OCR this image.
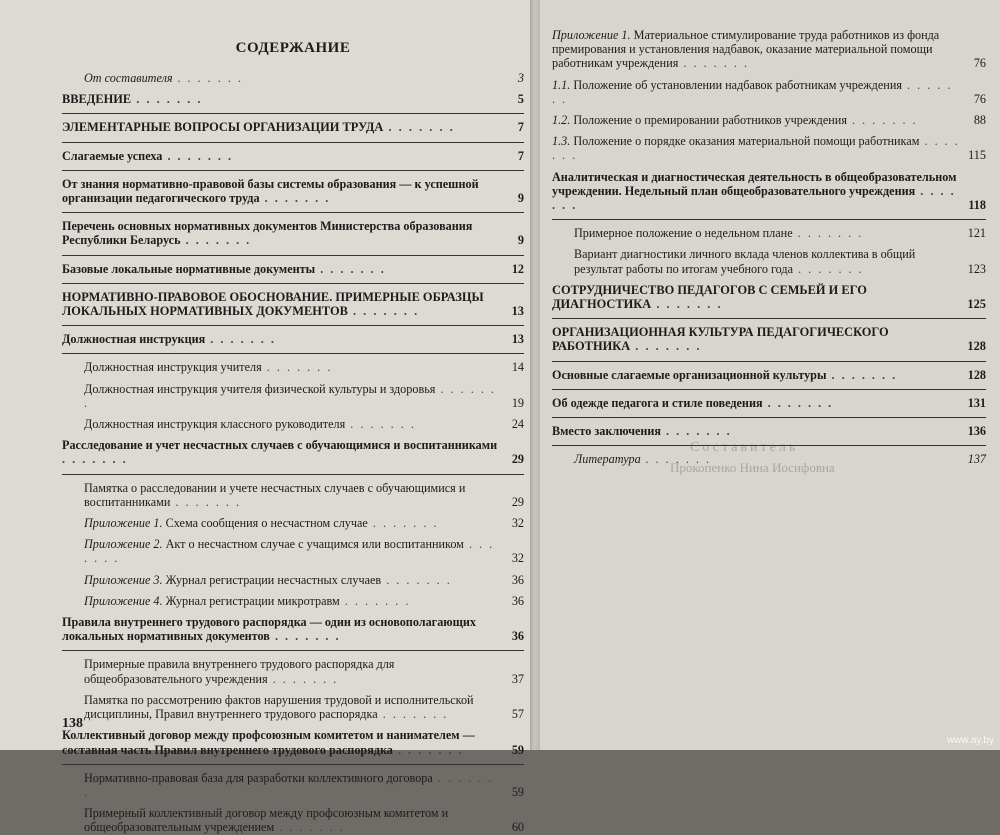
СОДЕРЖАНИЕ
От составителя . . . . . . .	3
ВВЕДЕНИЕ . . . . . . .	5
ЭЛЕМЕНТАРНЫЕ ВОПРОСЫ ОРГАНИЗАЦИИ ТРУДА . . . . . . .	7
Слагаемые успеха . . . . . . .	7
От знания нормативно-правовой базы системы образования — к успешной организации педагогического труда . . . . . . .	9
Перечень основных нормативных документов Министерства образования Республики Беларусь . . . . . . .	9
Базовые локальные нормативные документы . . . . . . .	12
НОРМАТИВНО-ПРАВОВОЕ ОБОСНОВАНИЕ. ПРИМЕРНЫЕ ОБРАЗЦЫ ЛОКАЛЬНЫХ НОРМАТИВНЫХ ДОКУМЕНТОВ . . . . . . .	13
Должностная инструкция . . . . . . .	13
Должностная инструкция учителя . . . . . . .	14
Должностная инструкция учителя физической культуры и здоровья . . . . . . .	19
Должностная инструкция классного руководителя . . . . . . .	24
Расследование и учет несчастных случаев с обучающимися и воспитанниками . . . . . . .	29
Памятка о расследовании и учете несчастных случаев с обучающимися и воспитанниками . . . . . . .	29
Приложение 1. Схема сообщения о несчастном случае . . . . . . .	32
Приложение 2. Акт о несчастном случае с учащимся или воспитанником . . . . . . .	32
Приложение 3. Журнал регистрации несчастных случаев . . . . . . .	36
Приложение 4. Журнал регистрации микротравм . . . . . . .	36
Правила внутреннего трудового распорядка — один из основополагающих локальных нормативных документов . . . . . . .	36
Примерные правила внутреннего трудового распорядка для общеобразовательного учреждения . . . . . . .	37
Памятка по рассмотрению фактов нарушения трудовой и исполнительской дисциплины, Правил внутреннего трудового распорядка . . . . . . .	57
Коллективный договор между профсоюзным комитетом и нанимателем — составная часть Правил внутреннего трудового распорядка . . . . . . .	59
Нормативно-правовая база для разработки коллективного договора . . . . . . .	59
Примерный коллективный договор между профсоюзным комитетом и общеобразовательным учреждением . . . . . . .	60
138
Приложение 1. Материальное стимулирование труда работников из фонда премирования и установления надбавок, оказание материальной помощи работникам учреждения . . . . . . .	76
1.1. Положение об установлении надбавок работникам учреждения . . . . . . .	76
1.2. Положение о премировании работников учреждения . . . . . . .	88
1.3. Положение о порядке оказания материальной помощи работникам . . . . . . .	115
Аналитическая и диагностическая деятельность в общеобразовательном учреждении. Недельный план общеобразовательного учреждения . . . . . . .	118
Примерное положение о недельном плане . . . . . . .	121
Вариант диагностики личного вклада членов коллектива в общий результат работы по итогам учебного года . . . . . . .	123
СОТРУДНИЧЕСТВО ПЕДАГОГОВ С СЕМЬЕЙ И ЕГО ДИАГНОСТИКА . . . . . . .	125
ОРГАНИЗАЦИОННАЯ КУЛЬТУРА ПЕДАГОГИЧЕСКОГО РАБОТНИКА . . . . . . .	128
Основные слагаемые организационной культуры . . . . . . .	128
Об одежде педагога и стиле поведения . . . . . . .	131
Вместо заключения . . . . . . .	136
Литература . . . . . . .	137
Составитель
Прокопенко Нина Иосифовна
www.ay.by
